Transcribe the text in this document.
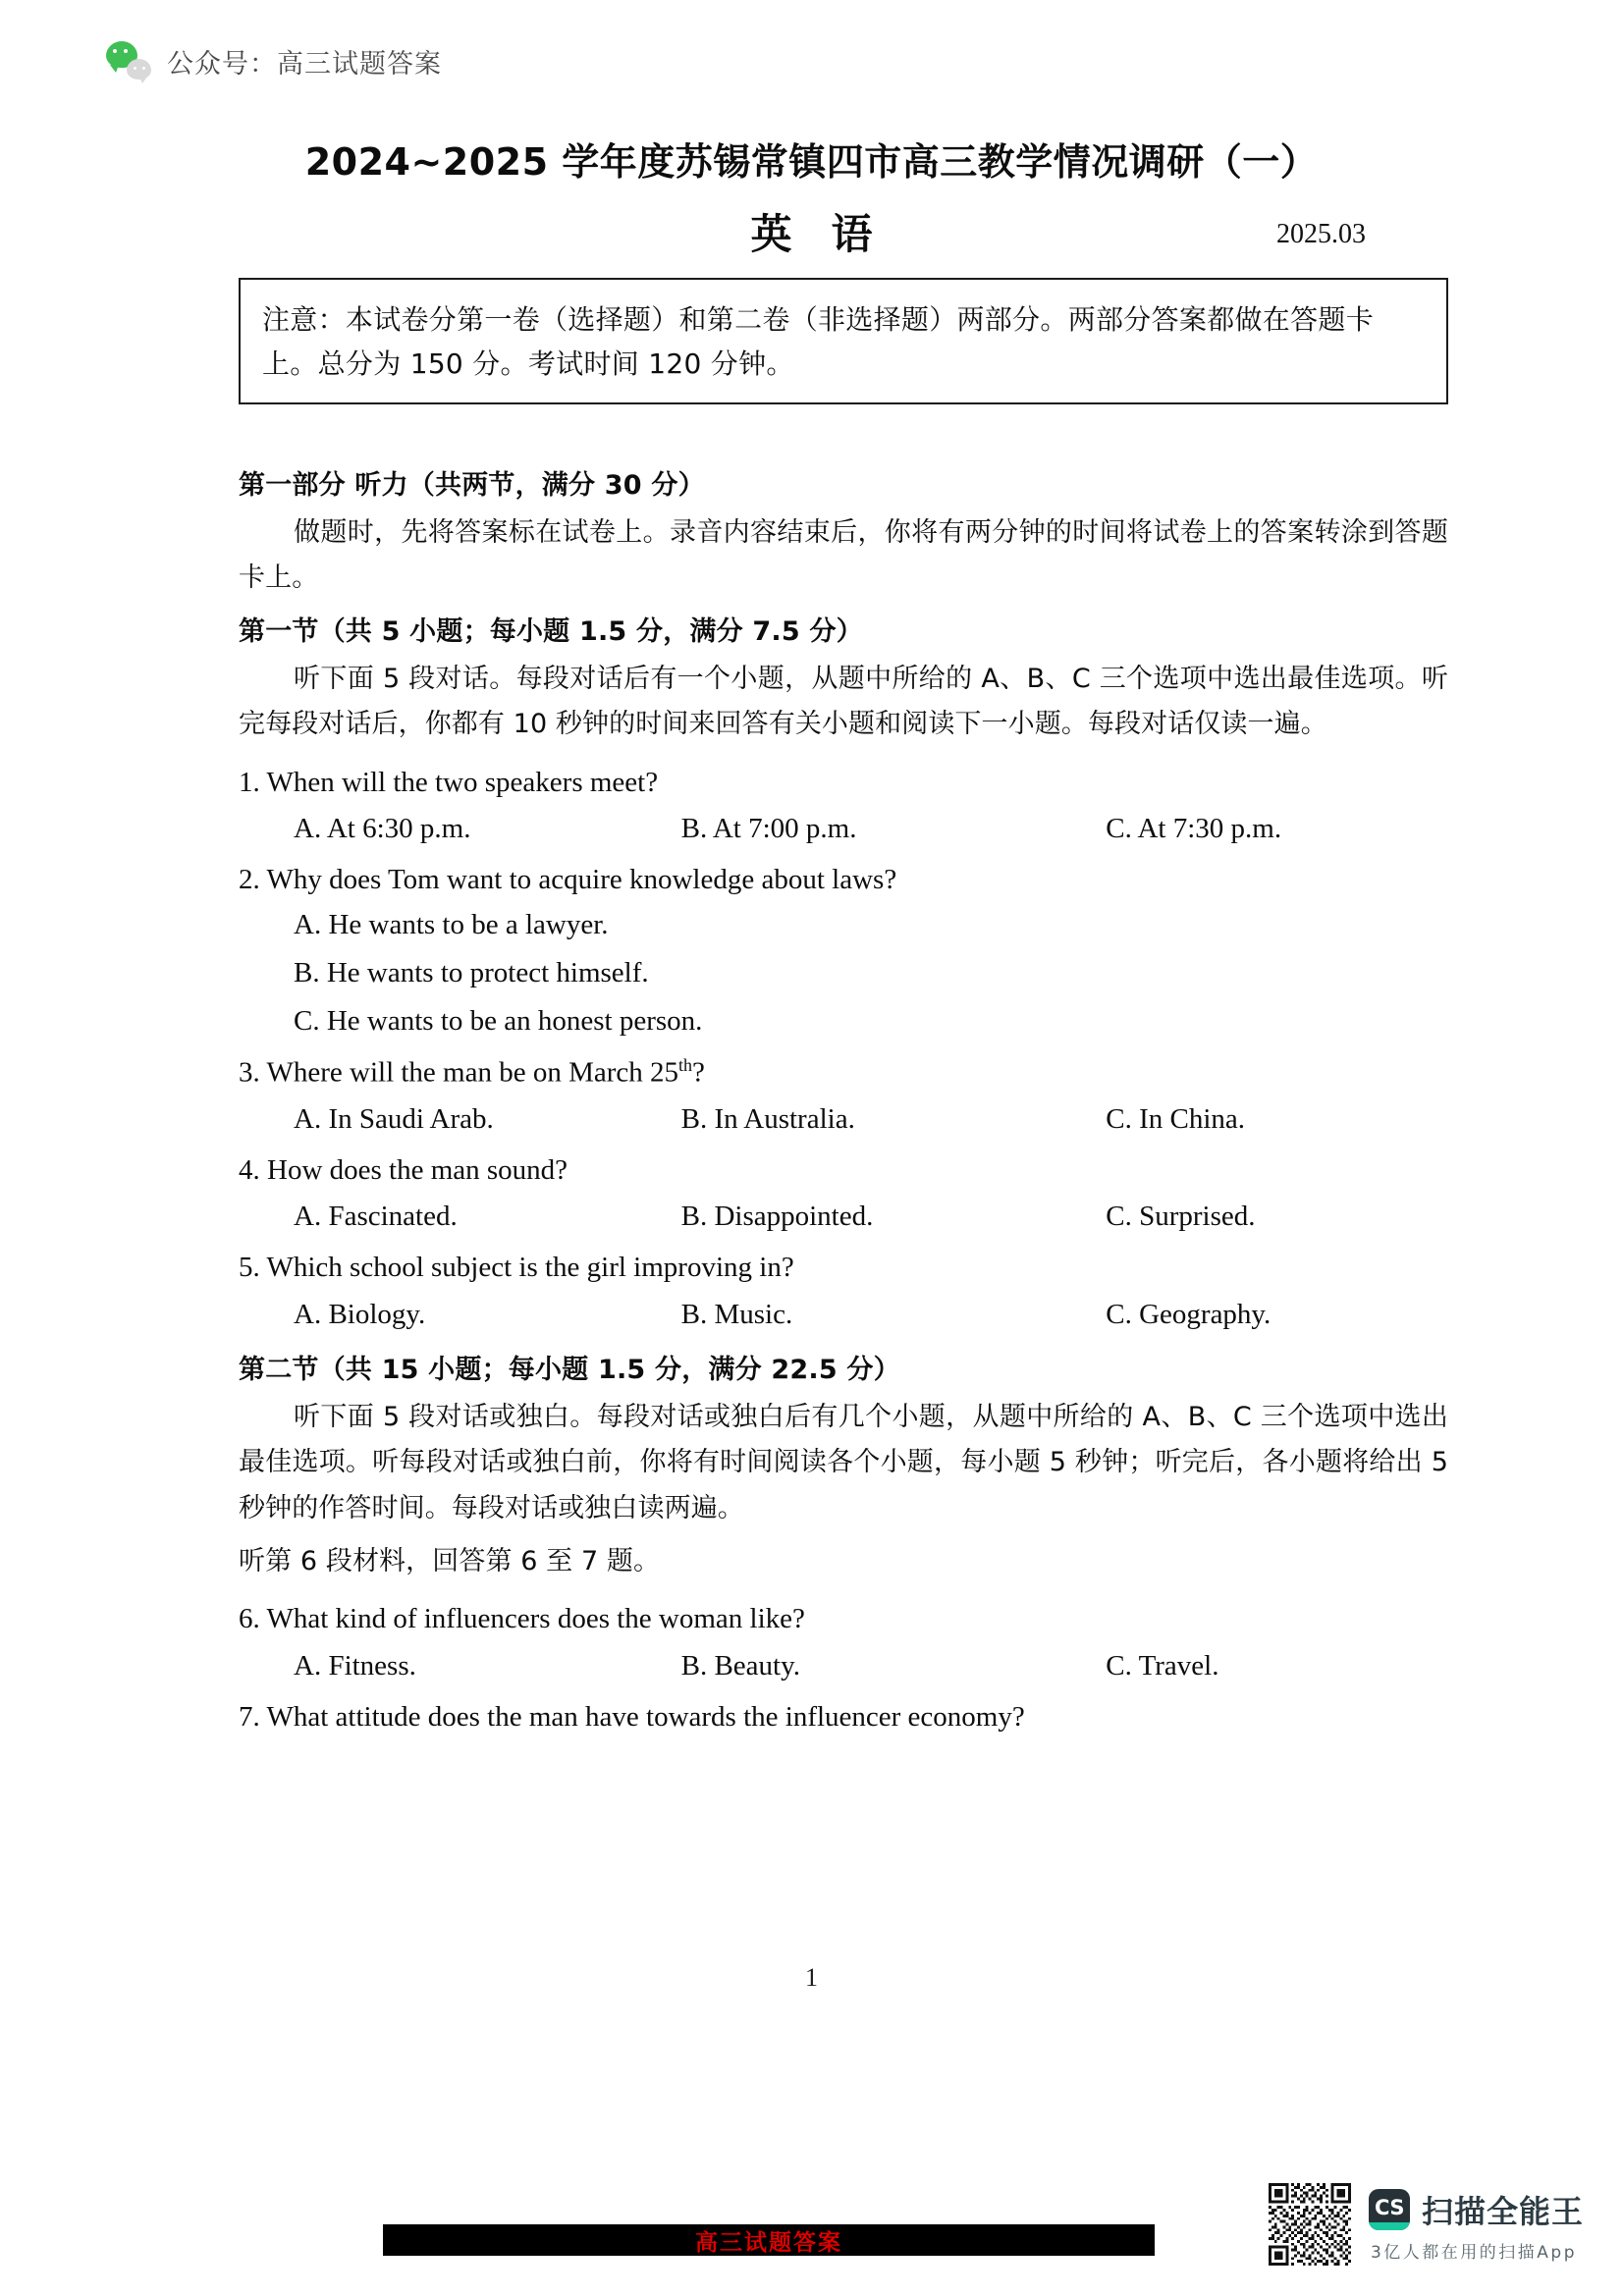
公众号：高三试题答案
2024~2025 学年度苏锡常镇四市高三教学情况调研（一）
英语	2025.03
注意：本试卷分第一卷（选择题）和第二卷（非选择题）两部分。两部分答案都做在答题卡上。总分为 150 分。考试时间 120 分钟。
第一部分 听力（共两节，满分 30 分）

做题时，先将答案标在试卷上。录音内容结束后，你将有两分钟的时间将试卷上的答案转涂到答题卡上。

第一节（共 5 小题；每小题 1.5 分，满分 7.5 分）

听下面 5 段对话。每段对话后有一个小题，从题中所给的 A、B、C 三个选项中选出最佳选项。听完每段对话后，你都有 10 秒钟的时间来回答有关小题和阅读下一小题。每段对话仅读一遍。

1. When will the two speakers meet?
A. At 6:30 p.m.	B. At 7:00 p.m.	C. At 7:30 p.m.
2. Why does Tom want to acquire knowledge about laws?
A. He wants to be a lawyer.
B. He wants to protect himself.
C. He wants to be an honest person.
3. Where will the man be on March 25th?
A. In Saudi Arab.	B. In Australia.	C. In China.
4. How does the man sound?
A. Fascinated.	B. Disappointed.	C. Surprised.
5. Which school subject is the girl improving in?
A. Biology.	B. Music.	C. Geography.
第二节（共 15 小题；每小题 1.5 分，满分 22.5 分）

听下面 5 段对话或独白。每段对话或独白后有几个小题，从题中所给的 A、B、C 三个选项中选出最佳选项。听每段对话或独白前，你将有时间阅读各个小题，每小题 5 秒钟；听完后，各小题将给出 5 秒钟的作答时间。每段对话或独白读两遍。

听第 6 段材料，回答第 6 至 7 题。

6. What kind of influencers does the woman like?
A. Fitness.	B. Beauty.	C. Travel.
7. What attitude does the man have towards the influencer economy?
1
高三试题答案
CS 扫描全能王
3亿人都在用的扫描App
